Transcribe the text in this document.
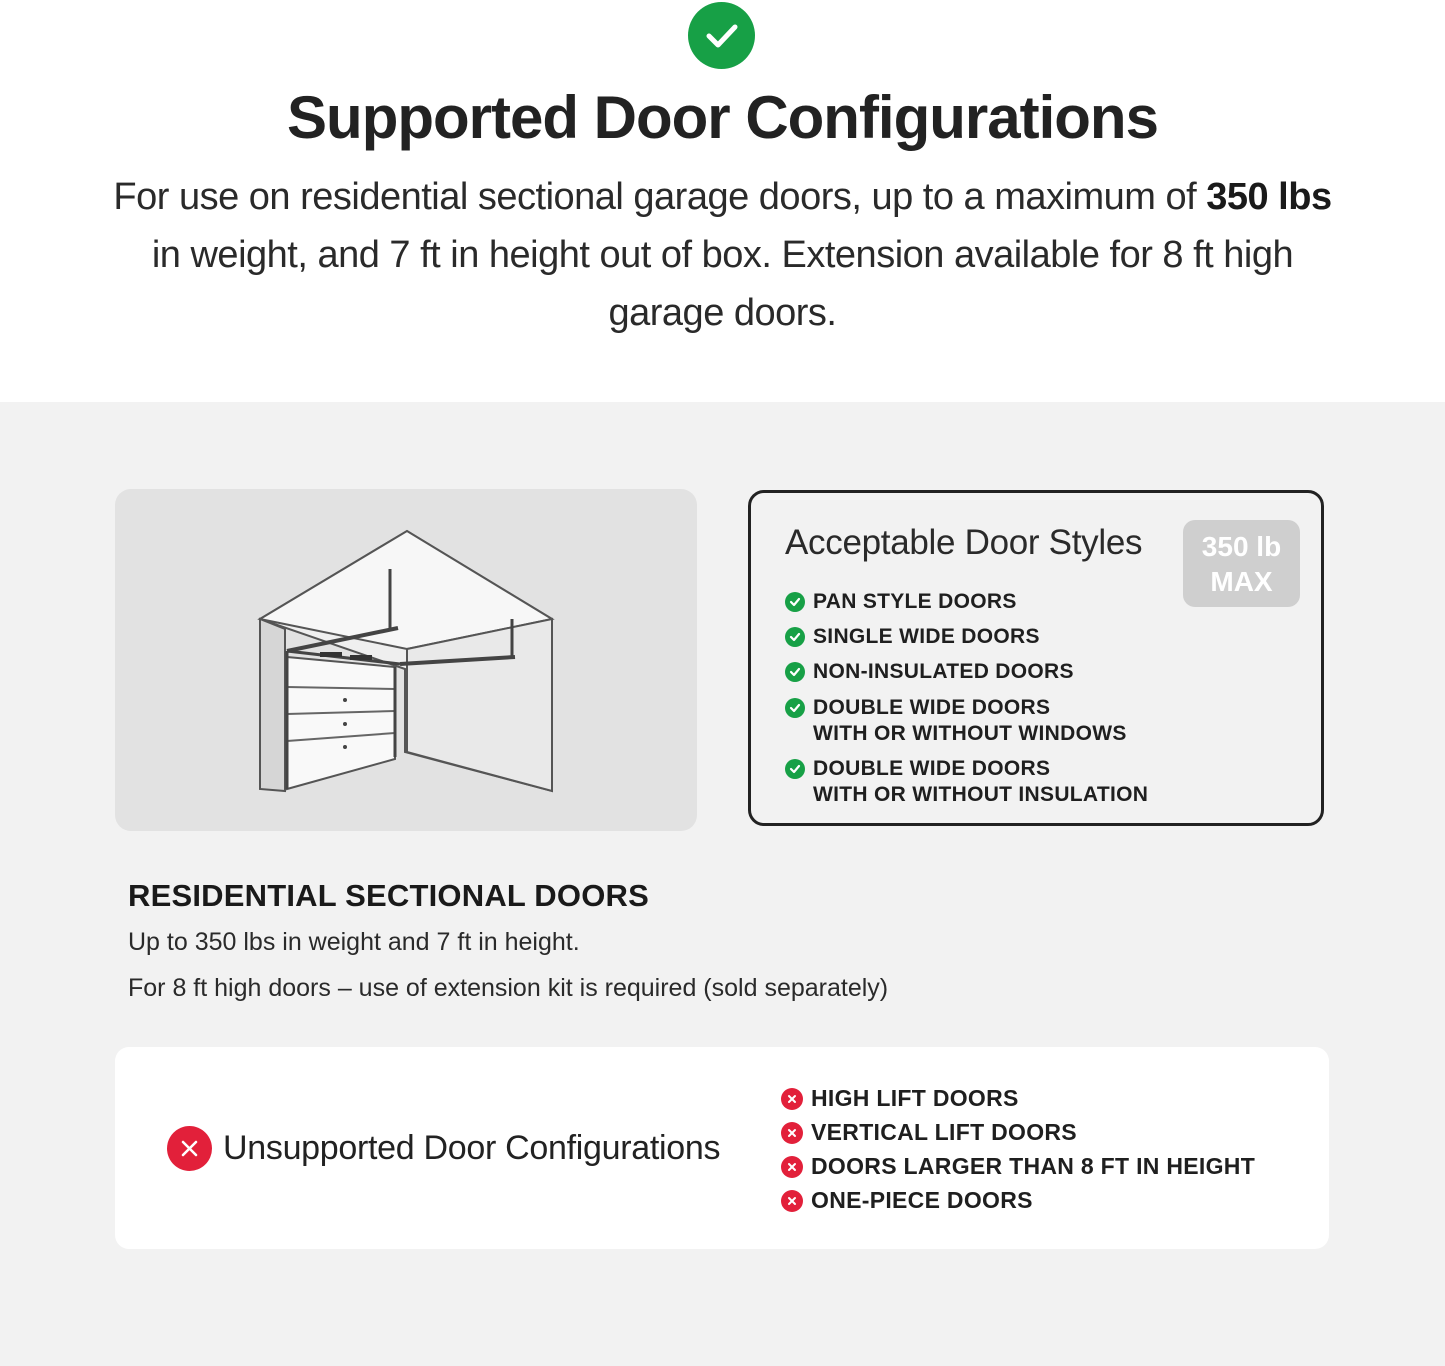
Supported Door Configurations
For use on residential sectional garage doors, up to a maximum of 350 lbs in weight, and 7 ft in height out of box. Extension available for 8 ft high garage doors.
Acceptable Door Styles	350 lb
MAX
PAN STYLE DOORS
SINGLE WIDE DOORS
NON-INSULATED DOORS
DOUBLE WIDE DOORS
WITH OR WITHOUT WINDOWS
DOUBLE WIDE DOORS
WITH OR WITHOUT INSULATION
RESIDENTIAL SECTIONAL DOORS
Up to 350 lbs in weight and 7 ft in height.
For 8 ft high doors – use of extension kit is required (sold separately)
Unsupported Door Configurations
HIGH LIFT DOORS
VERTICAL LIFT DOORS
DOORS LARGER THAN 8 FT IN HEIGHT
ONE-PIECE DOORS
